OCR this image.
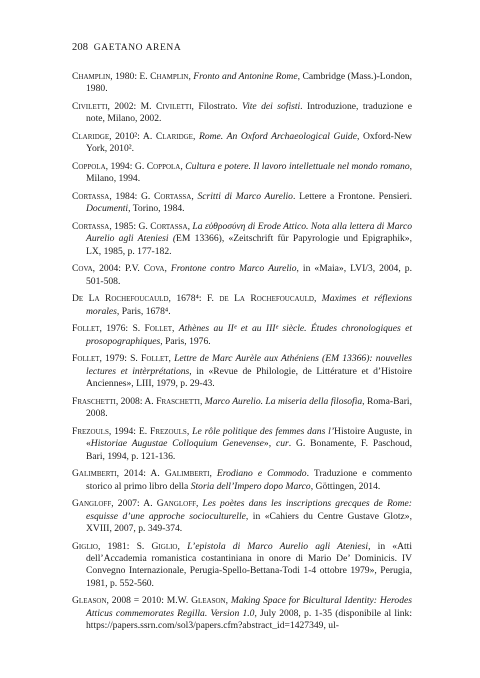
208 GAETANO ARENA

Champlin, 1980: E. Champlin, Fronto and Antonine Rome, Cambridge (Mass.)-London, 1980.

Civiletti, 2002: M. Civiletti, Filostrato. Vite dei sofisti. Introduzione, traduzione e note, Milano, 2002.

Claridge, 2010²: A. Claridge, Rome. An Oxford Archaeological Guide, Oxford-New York, 2010².

Coppola, 1994: G. Coppola, Cultura e potere. Il lavoro intellettuale nel mondo romano, Milano, 1994.

Cortassa, 1984: G. Cortassa, Scritti di Marco Aurelio. Lettere a Frontone. Pensieri. Documenti, Torino, 1984.

Cortassa, 1985: G. Cortassa, La εὐθροσύνη di Erode Attico. Nota alla lettera di Marco Aurelio agli Ateniesi (EM 13366), «Zeitschrift für Papyrologie und Epigraphik», LX, 1985, p. 177-182.

Cova, 2004: P.V. Cova, Frontone contro Marco Aurelio, in «Maia», LVI/3, 2004, p. 501-508.

De La Rochefoucauld, 1678⁴: F. de La Rochefoucauld, Maximes et réflexions morales, Paris, 1678⁴.

Follet, 1976: S. Follet, Athènes au IIᵉ et au IIIᵉ siècle. Études chronologiques et prosopographiques, Paris, 1976.

Follet, 1979: S. Follet, Lettre de Marc Aurèle aux Athéniens (EM 13366): nouvelles lectures et intèrprétations, in «Revue de Philologie, de Littérature et d’Histoire Anciennes», LIII, 1979, p. 29-43.

Fraschetti, 2008: A. Fraschetti, Marco Aurelio. La miseria della filosofia, Roma-Bari, 2008.

Frezouls, 1994: E. Frezouls, Le rôle politique des femmes dans l’Histoire Auguste, in «Historiae Augustae Colloquium Genevense», cur. G. Bonamente, F. Paschoud, Bari, 1994, p. 121-136.

Galimberti, 2014: A. Galimberti, Erodiano e Commodo. Traduzione e commento storico al primo libro della Storia dell’Impero dopo Marco, Göttingen, 2014.

Gangloff, 2007: A. Gangloff, Les poètes dans les inscriptions grecques de Rome: esquisse d’une approche socioculturelle, in «Cahiers du Centre Gustave Glotz», XVIII, 2007, p. 349-374.

Giglio, 1981: S. Giglio, L’epistola di Marco Aurelio agli Ateniesi, in «Atti dell’Accademia romanistica costantiniana in onore di Mario De’ Dominicis. IV Convegno Internazionale, Perugia-Spello-Bettana-Todi 1-4 ottobre 1979», Perugia, 1981, p. 552-560.

Gleason, 2008 = 2010: M.W. Gleason, Making Space for Bicultural Identity: Herodes Atticus commemorates Regilla. Version 1.0, July 2008, p. 1-35 (disponibile al link: https://papers.ssrn.com/sol3/papers.cfm?abstract_id=1427349, ul-
